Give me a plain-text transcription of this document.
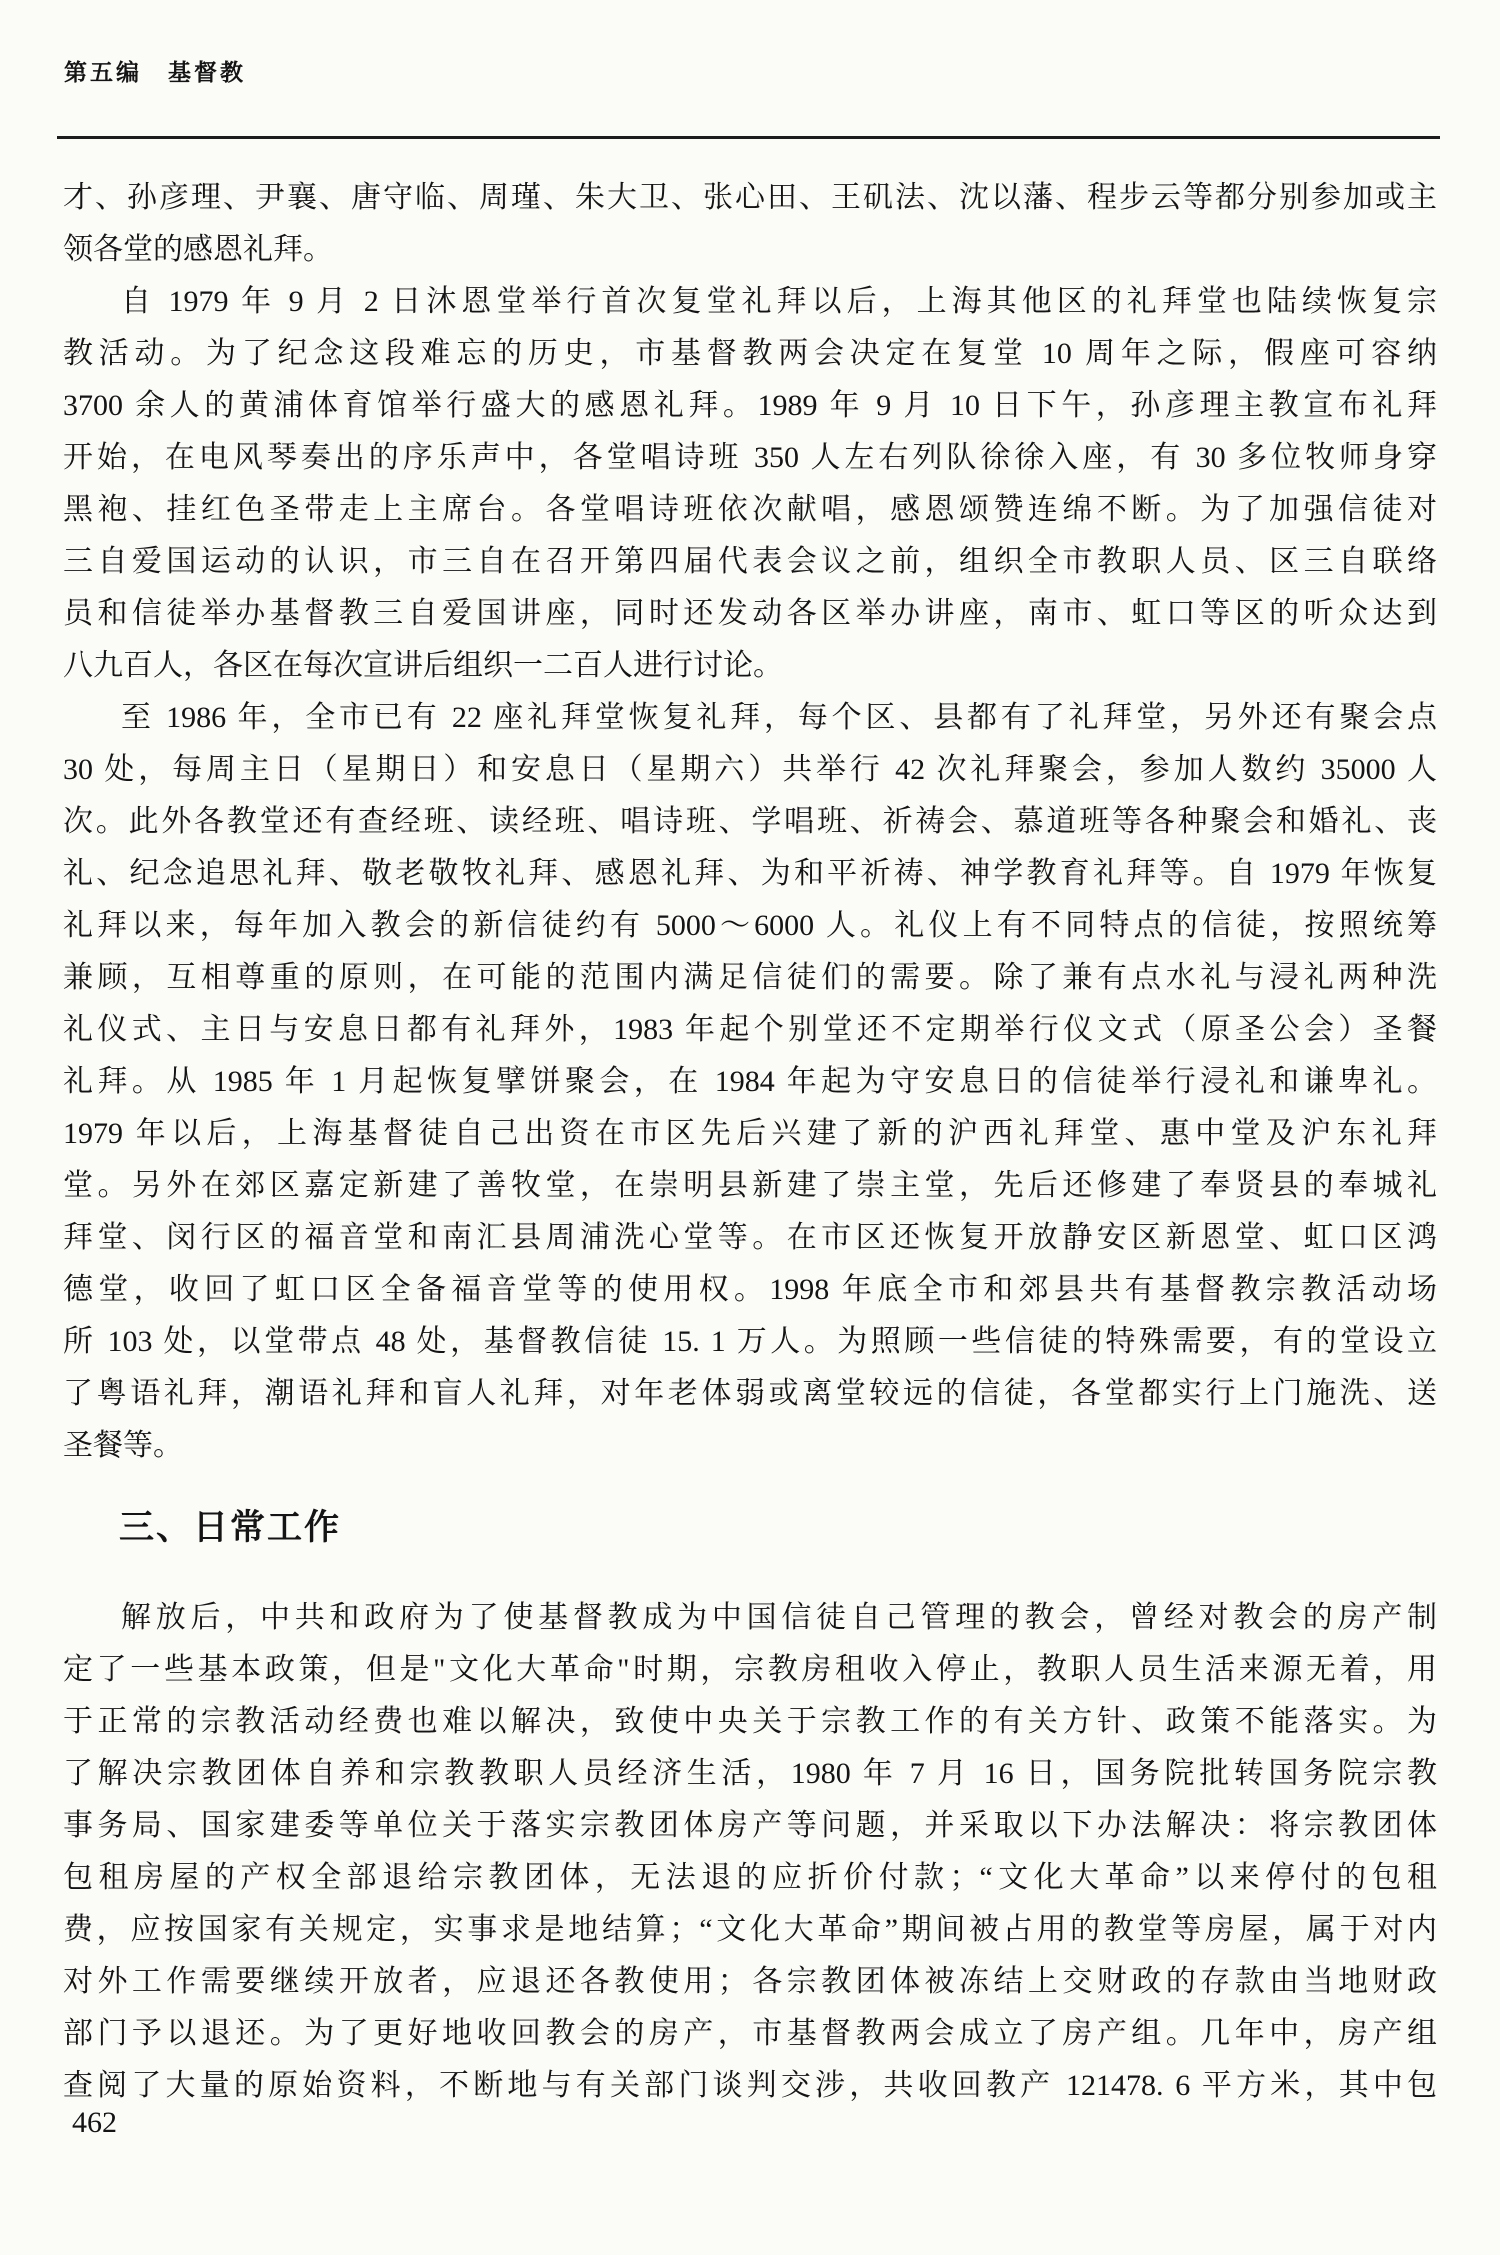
第五编　基督教
才、孙彦理、尹襄、唐守临、周瑾、朱大卫、张心田、王矶法、沈以藩、程步云等都分别参加或主
领各堂的感恩礼拜。
自 1979 年 9 月 2 日沐恩堂举行首次复堂礼拜以后，上海其他区的礼拜堂也陆续恢复宗
教活动。为了纪念这段难忘的历史，市基督教两会决定在复堂 10 周年之际，假座可容纳
3700 余人的黄浦体育馆举行盛大的感恩礼拜。1989 年 9 月 10 日下午，孙彦理主教宣布礼拜
开始，在电风琴奏出的序乐声中，各堂唱诗班 350 人左右列队徐徐入座，有 30 多位牧师身穿
黑袍、挂红色圣带走上主席台。各堂唱诗班依次献唱，感恩颂赞连绵不断。为了加强信徒对
三自爱国运动的认识，市三自在召开第四届代表会议之前，组织全市教职人员、区三自联络
员和信徒举办基督教三自爱国讲座，同时还发动各区举办讲座，南市、虹口等区的听众达到
八九百人，各区在每次宣讲后组织一二百人进行讨论。
至 1986 年，全市已有 22 座礼拜堂恢复礼拜，每个区、县都有了礼拜堂，另外还有聚会点
30 处，每周主日（星期日）和安息日（星期六）共举行 42 次礼拜聚会，参加人数约 35000 人
次。此外各教堂还有查经班、读经班、唱诗班、学唱班、祈祷会、慕道班等各种聚会和婚礼、丧
礼、纪念追思礼拜、敬老敬牧礼拜、感恩礼拜、为和平祈祷、神学教育礼拜等。自 1979 年恢复
礼拜以来，每年加入教会的新信徒约有 5000～6000 人。礼仪上有不同特点的信徒，按照统筹
兼顾，互相尊重的原则，在可能的范围内满足信徒们的需要。除了兼有点水礼与浸礼两种洗
礼仪式、主日与安息日都有礼拜外，1983 年起个别堂还不定期举行仪文式（原圣公会）圣餐
礼拜。从 1985 年 1 月起恢复擘饼聚会，在 1984 年起为守安息日的信徒举行浸礼和谦卑礼。
1979 年以后，上海基督徒自己出资在市区先后兴建了新的沪西礼拜堂、惠中堂及沪东礼拜
堂。另外在郊区嘉定新建了善牧堂，在崇明县新建了崇主堂，先后还修建了奉贤县的奉城礼
拜堂、闵行区的福音堂和南汇县周浦洗心堂等。在市区还恢复开放静安区新恩堂、虹口区鸿
德堂，收回了虹口区全备福音堂等的使用权。1998 年底全市和郊县共有基督教宗教活动场
所 103 处，以堂带点 48 处，基督教信徒 15. 1 万人。为照顾一些信徒的特殊需要，有的堂设立
了粤语礼拜，潮语礼拜和盲人礼拜，对年老体弱或离堂较远的信徒，各堂都实行上门施洗、送
圣餐等。
三、日常工作
解放后，中共和政府为了使基督教成为中国信徒自己管理的教会，曾经对教会的房产制
定了一些基本政策，但是"文化大革命"时期，宗教房租收入停止，教职人员生活来源无着，用
于正常的宗教活动经费也难以解决，致使中央关于宗教工作的有关方针、政策不能落实。为
了解决宗教团体自养和宗教教职人员经济生活，1980 年 7 月 16 日，国务院批转国务院宗教
事务局、国家建委等单位关于落实宗教团体房产等问题，并采取以下办法解决：将宗教团体
包租房屋的产权全部退给宗教团体，无法退的应折价付款；“文化大革命”以来停付的包租
费，应按国家有关规定，实事求是地结算；“文化大革命”期间被占用的教堂等房屋，属于对内
对外工作需要继续开放者，应退还各教使用；各宗教团体被冻结上交财政的存款由当地财政
部门予以退还。为了更好地收回教会的房产，市基督教两会成立了房产组。几年中，房产组
查阅了大量的原始资料，不断地与有关部门谈判交涉，共收回教产 121478. 6 平方米，其中包
462
